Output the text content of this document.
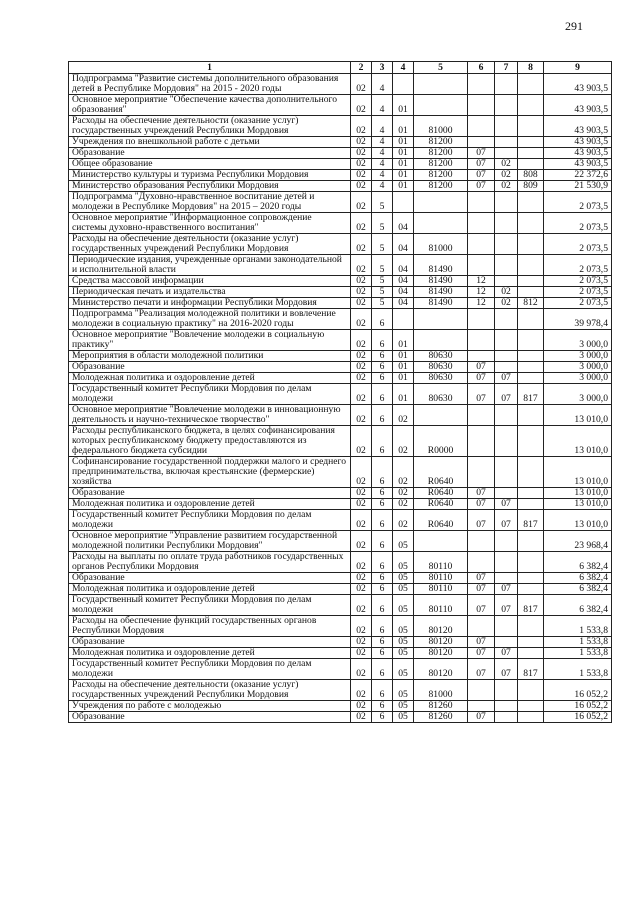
291
1	2	3	4	5	6	7	8	9
Подпрограмма "Развитие системы дополнительного образования детей в Республике Мордовия" на 2015 - 2020 годы	02	4						43 903,5
Основное мероприятие "Обеспечение качества дополнительного образования"	02	4	01					43 903,5
Расходы на обеспечение деятельности (оказание услуг) государственных учреждений Республики Мордовия	02	4	01	81000				43 903,5
Учреждения по внешкольной работе с детьми	02	4	01	81200				43 903,5
Образование	02	4	01	81200	07			43 903,5
Общее образование	02	4	01	81200	07	02		43 903,5
Министерство культуры и туризма Республики Мордовия	02	4	01	81200	07	02	808	22 372,6
Министерство образования Республики Мордовия	02	4	01	81200	07	02	809	21 530,9
Подпрограмма "Духовно-нравственное воспитание детей и молодежи в Республике Мордовия" на 2015 – 2020 годы	02	5						2 073,5
Основное мероприятие "Информационное сопровождение системы духовно-нравственного воспитания"	02	5	04					2 073,5
Расходы на обеспечение деятельности (оказание услуг) государственных учреждений Республики Мордовия	02	5	04	81000				2 073,5
Периодические издания, учрежденные органами законодательной и исполнительной власти	02	5	04	81490				2 073,5
Средства массовой информации	02	5	04	81490	12			2 073,5
Периодическая печать и издательства	02	5	04	81490	12	02		2 073,5
Министерство печати и информации Республики Мордовия	02	5	04	81490	12	02	812	2 073,5
Подпрограмма "Реализация молодежной политики и вовлечение молодежи в социальную практику" на 2016-2020 годы	02	6						39 978,4
Основное мероприятие "Вовлечение молодежи в социальную практику"	02	6	01					3 000,0
Мероприятия в области молодежной политики	02	6	01	80630				3 000,0
Образование	02	6	01	80630	07			3 000,0
Молодежная политика и оздоровление детей	02	6	01	80630	07	07		3 000,0
Государственный комитет Республики Мордовия по делам молодежи	02	6	01	80630	07	07	817	3 000,0
Основное мероприятие "Вовлечение молодежи в инновационную деятельность и научно-техническое творчество"	02	6	02					13 010,0
Расходы республиканского бюджета, в целях софинансирования которых республиканскому бюджету предоставляются из федерального бюджета субсидии	02	6	02	R0000				13 010,0
Софинансирование государственной поддержки малого и среднего предпринимательства, включая крестьянские (фермерские) хозяйства	02	6	02	R0640				13 010,0
Образование	02	6	02	R0640	07			13 010,0
Молодежная политика и оздоровление детей	02	6	02	R0640	07	07		13 010,0
Государственный комитет Республики Мордовия по делам молодежи	02	6	02	R0640	07	07	817	13 010,0
Основное мероприятие "Управление развитием государственной молодежной политики Республики Мордовия"	02	6	05					23 968,4
Расходы на выплаты по оплате труда работников государственных органов Республики Мордовия	02	6	05	80110				6 382,4
Образование	02	6	05	80110	07			6 382,4
Молодежная политика и оздоровление детей	02	6	05	80110	07	07		6 382,4
Государственный комитет Республики Мордовия по делам молодежи	02	6	05	80110	07	07	817	6 382,4
Расходы на обеспечение функций государственных органов Республики Мордовия	02	6	05	80120				1 533,8
Образование	02	6	05	80120	07			1 533,8
Молодежная политика и оздоровление детей	02	6	05	80120	07	07		1 533,8
Государственный комитет Республики Мордовия по делам молодежи	02	6	05	80120	07	07	817	1 533,8
Расходы на обеспечение деятельности (оказание услуг) государственных учреждений Республики Мордовия	02	6	05	81000				16 052,2
Учреждения по работе с молодежью	02	6	05	81260				16 052,2
Образование	02	6	05	81260	07			16 052,2
